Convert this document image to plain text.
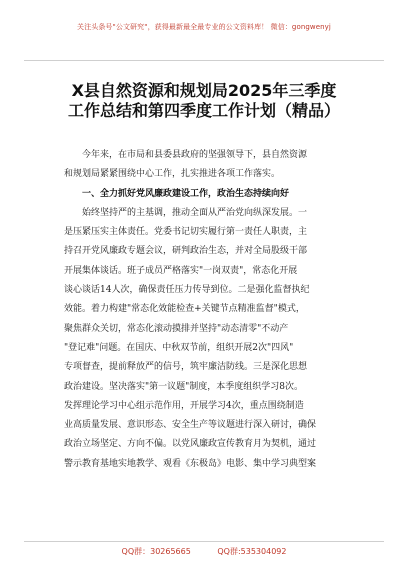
关注头条号"公文研究"，获得最新最全最专业的公文资料库！ 微信：gongwenyj
X县自然资源和规划局2025年三季度
工作总结和第四季度工作计划（精品）
今年来，在市局和县委县政府的坚强领导下，县自然资源
和规划局紧紧围绕中心工作，扎实推进各项工作落实。
一、全力抓好党风廉政建设工作，政治生态持续向好
始终坚持严的主基调，推动全面从严治党向纵深发展。一
是压紧压实主体责任。党委书记切实履行第一责任人职责，主
持召开党风廉政专题会议，研判政治生态，并对全局股级干部
开展集体谈话。班子成员严格落实"一岗双责"，常态化开展
谈心谈话14人次，确保责任压力传导到位。二是强化监督执纪
效能。着力构建"常态化效能检查+关键节点精准监督"模式，
聚焦群众关切，常态化滚动摸排并坚持"动态清零"不动产
"登记难"问题。在国庆、中秋双节前，组织开展2次"四风"
专项督查，提前释放严的信号，筑牢廉洁防线。三是深化思想
政治建设。坚决落实"第一议题"制度，本季度组织学习8次。
发挥理论学习中心组示范作用，开展学习4次，重点围绕制造
业高质量发展、意识形态、安全生产等议题进行深入研讨，确保
政治立场坚定、方向不偏。以党风廉政宣传教育月为契机，通过
警示教育基地实地教学、观看《东极岛》电影、集中学习典型案
QQ群：30265665	QQ群:535304092
